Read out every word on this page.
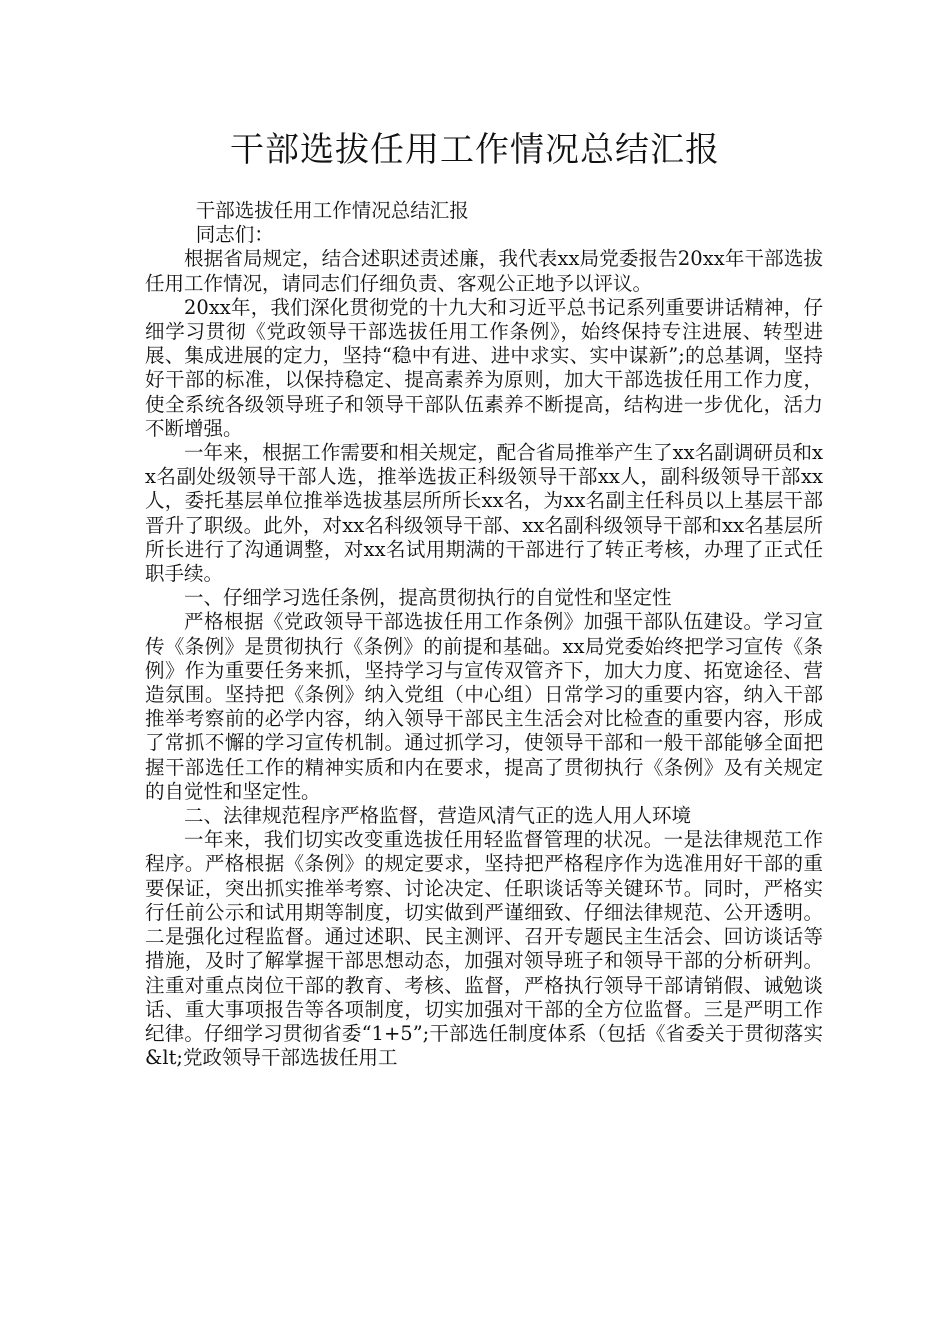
干部选拔任用工作情况总结汇报

干部选拔任用工作情况总结汇报

同志们：

根据省局规定，结合述职述责述廉，我代表xx局党委报告20xx年干部选拔任用工作情况，请同志们仔细负责、客观公正地予以评议。

20xx年，我们深化贯彻党的十九大和习近平总书记系列重要讲话精神，仔细学习贯彻《党政领导干部选拔任用工作条例》，始终保持专注进展、转型进展、集成进展的定力，坚持“稳中有进、进中求实、实中谋新”;的总基调，坚持好干部的标准，以保持稳定、提高素养为原则，加大干部选拔任用工作力度，使全系统各级领导班子和领导干部队伍素养不断提高，结构进一步优化，活力不断增强。

一年来，根据工作需要和相关规定，配合省局推举产生了xx名副调研员和xx名副处级领导干部人选，推举选拔正科级领导干部xx人，副科级领导干部xx人，委托基层单位推举选拔基层所所长xx名，为xx名副主任科员以上基层干部晋升了职级。此外，对xx名科级领导干部、xx名副科级领导干部和xx名基层所所长进行了沟通调整，对xx名试用期满的干部进行了转正考核，办理了正式任职手续。

一、仔细学习选任条例，提高贯彻执行的自觉性和坚定性

严格根据《党政领导干部选拔任用工作条例》加强干部队伍建设。学习宣传《条例》是贯彻执行《条例》的前提和基础。xx局党委始终把学习宣传《条例》作为重要任务来抓，坚持学习与宣传双管齐下，加大力度、拓宽途径、营造氛围。坚持把《条例》纳入党组（中心组）日常学习的重要内容，纳入干部推举考察前的必学内容，纳入领导干部民主生活会对比检查的重要内容，形成了常抓不懈的学习宣传机制。通过抓学习，使领导干部和一般干部能够全面把握干部选任工作的精神实质和内在要求，提高了贯彻执行《条例》及有关规定的自觉性和坚定性。

二、法律规范程序严格监督，营造风清气正的选人用人环境

一年来，我们切实改变重选拔任用轻监督管理的状况。一是法律规范工作程序。严格根据《条例》的规定要求，坚持把严格程序作为选准用好干部的重要保证，突出抓实推举考察、讨论决定、任职谈话等关键环节。同时，严格实行任前公示和试用期等制度，切实做到严谨细致、仔细法律规范、公开透明。二是强化过程监督。通过述职、民主测评、召开专题民主生活会、回访谈话等措施，及时了解掌握干部思想动态，加强对领导班子和领导干部的分析研判。注重对重点岗位干部的教育、考核、监督，严格执行领导干部请销假、诫勉谈话、重大事项报告等各项制度，切实加强对干部的全方位监督。三是严明工作纪律。仔细学习贯彻省委“1+5”;干部选任制度体系（包括《省委关于贯彻落实&lt;党政领导干部选拔任用工
